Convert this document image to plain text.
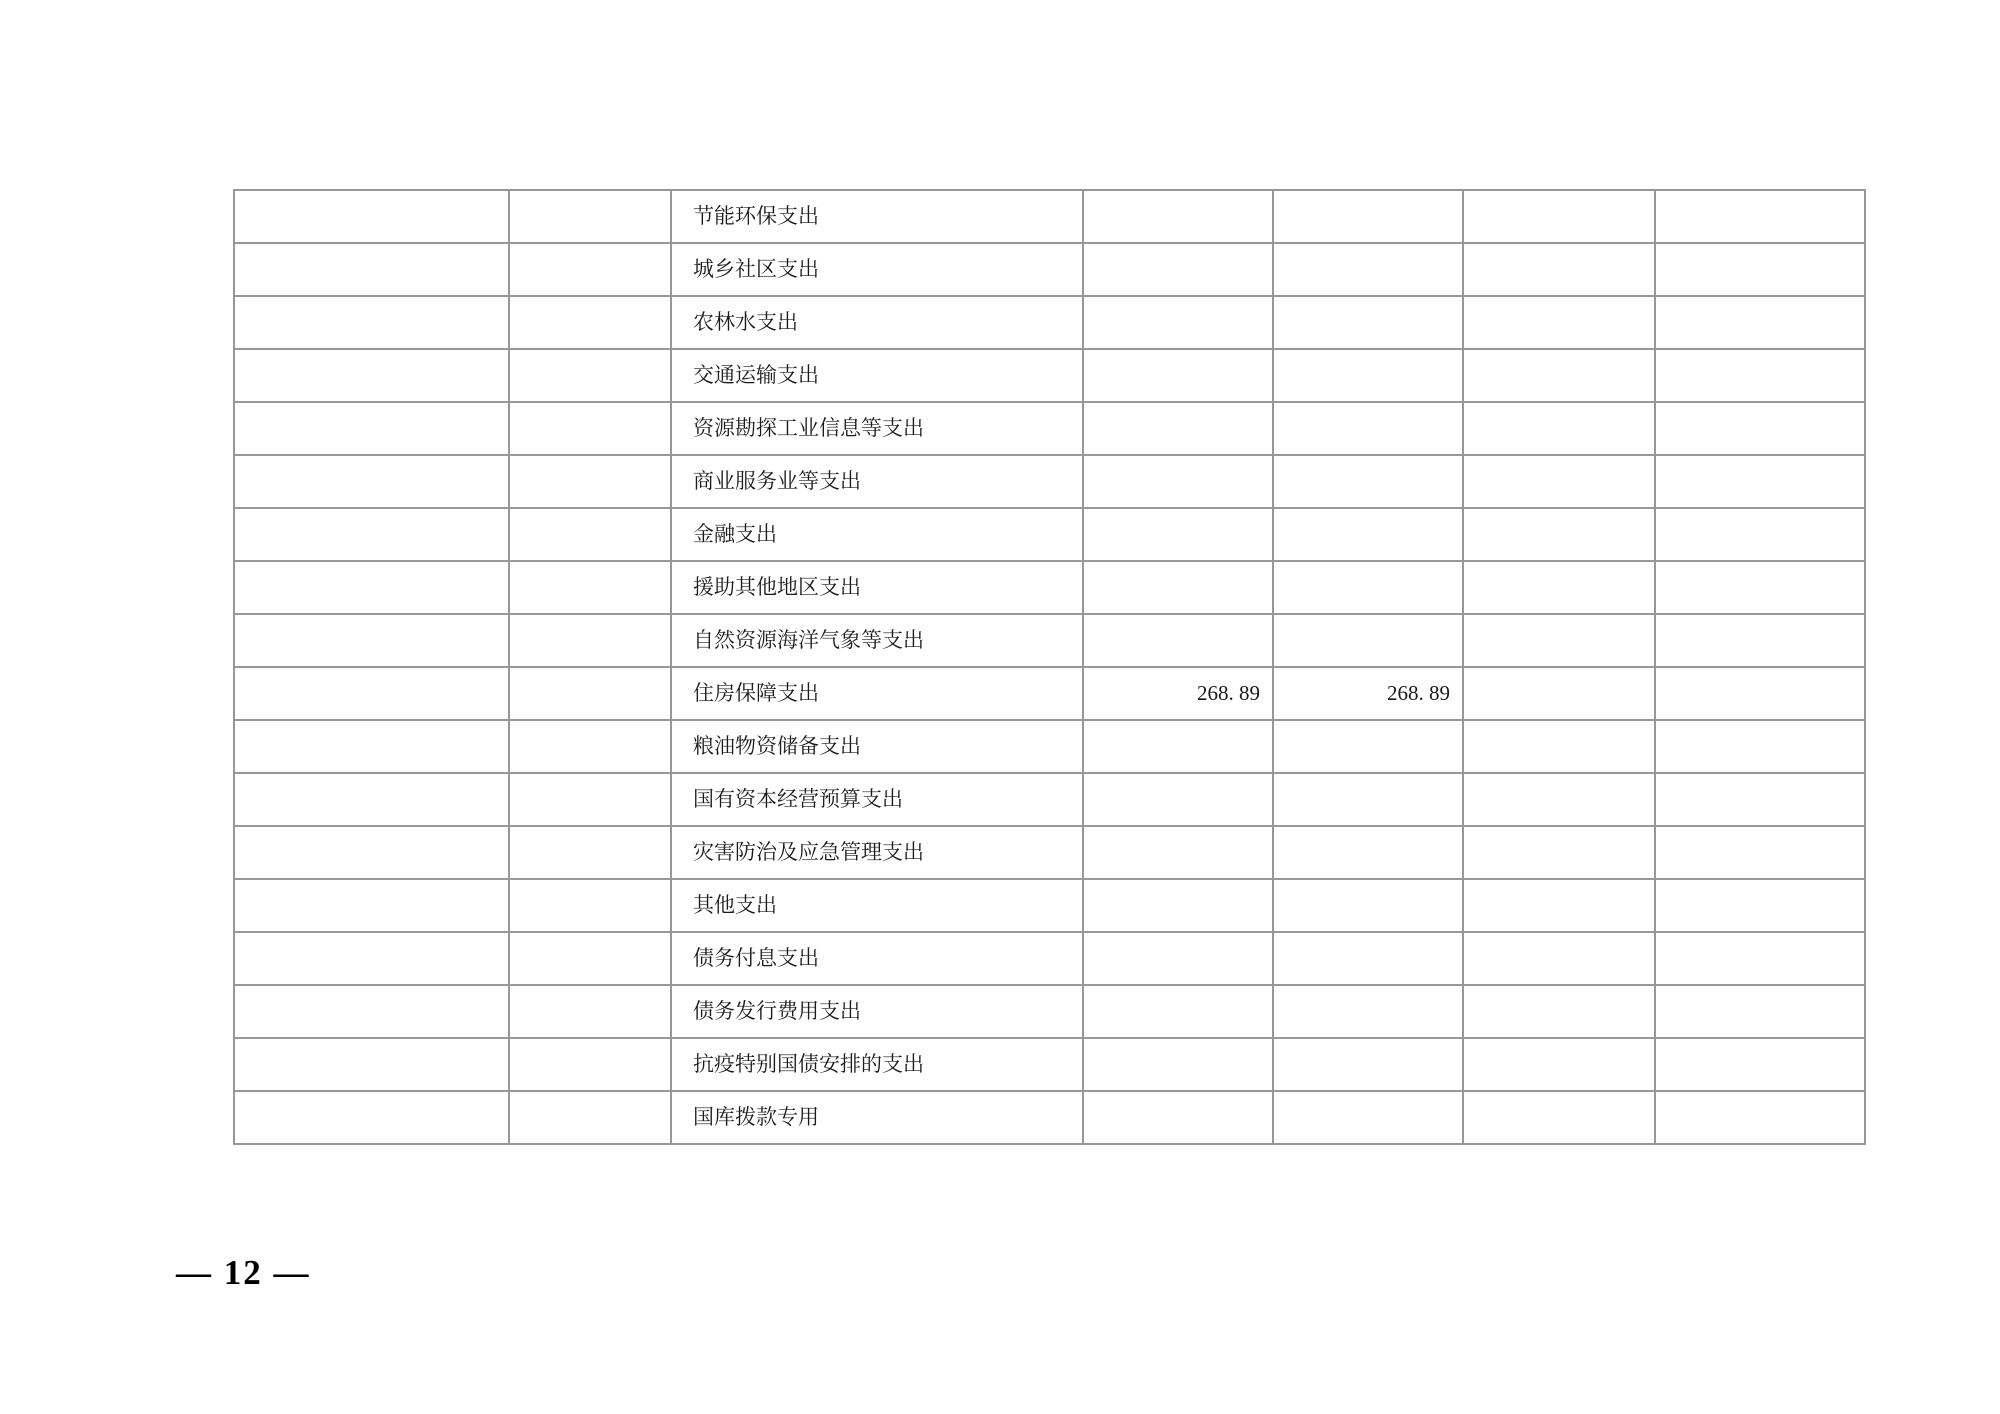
		节能环保支出				
		城乡社区支出				
		农林水支出				
		交通运输支出				
		资源勘探工业信息等支出				
		商业服务业等支出				
		金融支出				
		援助其他地区支出				
		自然资源海洋气象等支出				
		住房保障支出	268. 89	268. 89		
		粮油物资储备支出				
		国有资本经营预算支出				
		灾害防治及应急管理支出				
		其他支出				
		债务付息支出				
		债务发行费用支出				
		抗疫特别国债安排的支出				
		国库拨款专用				
— 12 —
